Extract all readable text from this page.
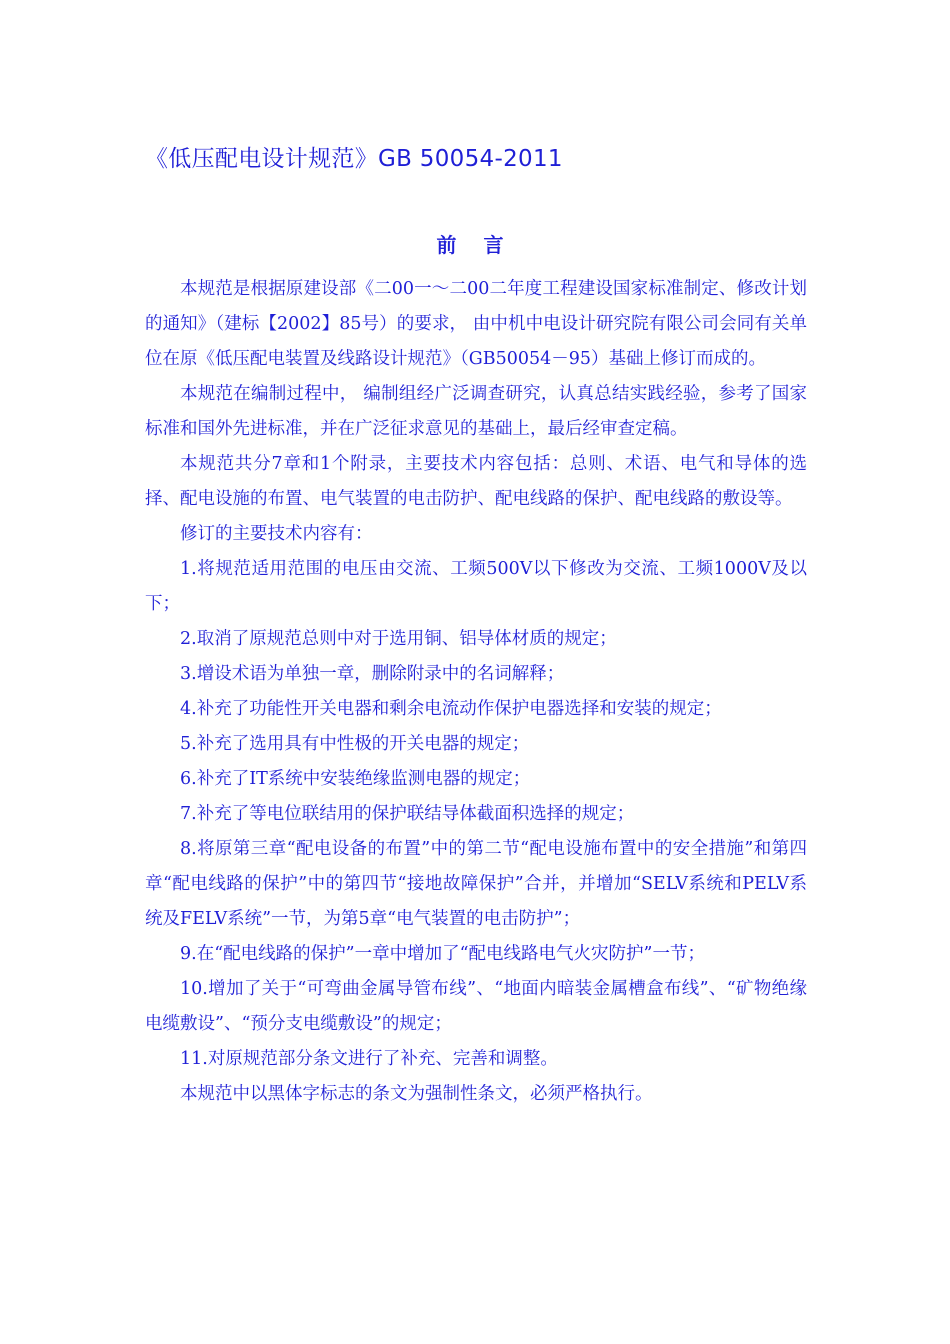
《低压配电设计规范》GB 50054-2011
前 言

本规范是根据原建设部《二00一～二00二年度工程建设国家标准制定、修改计划的通知》（建标【2002】85号）的要求， 由中机中电设计研究院有限公司会同有关单位在原《低压配电装置及线路设计规范》（GB50054－95）基础上修订而成的。

本规范在编制过程中， 编制组经广泛调查研究，认真总结实践经验，参考了国家标准和国外先进标准，并在广泛征求意见的基础上，最后经审查定稿。

本规范共分7章和1个附录，主要技术内容包括：总则、术语、电气和导体的选择、配电设施的布置、电气装置的电击防护、配电线路的保护、配电线路的敷设等。

修订的主要技术内容有：

1.将规范适用范围的电压由交流、工频500V以下修改为交流、工频1000V及以下；

2.取消了原规范总则中对于选用铜、铝导体材质的规定；

3.增设术语为单独一章，删除附录中的名词解释；

4.补充了功能性开关电器和剩余电流动作保护电器选择和安装的规定；

5.补充了选用具有中性极的开关电器的规定；

6.补充了IT系统中安装绝缘监测电器的规定；

7.补充了等电位联结用的保护联结导体截面积选择的规定；

8.将原第三章“配电设备的布置”中的第二节“配电设施布置中的安全措施”和第四章“配电线路的保护”中的第四节“接地故障保护”合并，并增加“SELV系统和PELV系统及FELV系统”一节，为第5章“电气装置的电击防护”；

9.在“配电线路的保护”一章中增加了“配电线路电气火灾防护”一节；

10.增加了关于“可弯曲金属导管布线”、“地面内暗装金属槽盒布线”、“矿物绝缘电缆敷设”、“预分支电缆敷设”的规定；

11.对原规范部分条文进行了补充、完善和调整。

本规范中以黑体字标志的条文为强制性条文，必须严格执行。
